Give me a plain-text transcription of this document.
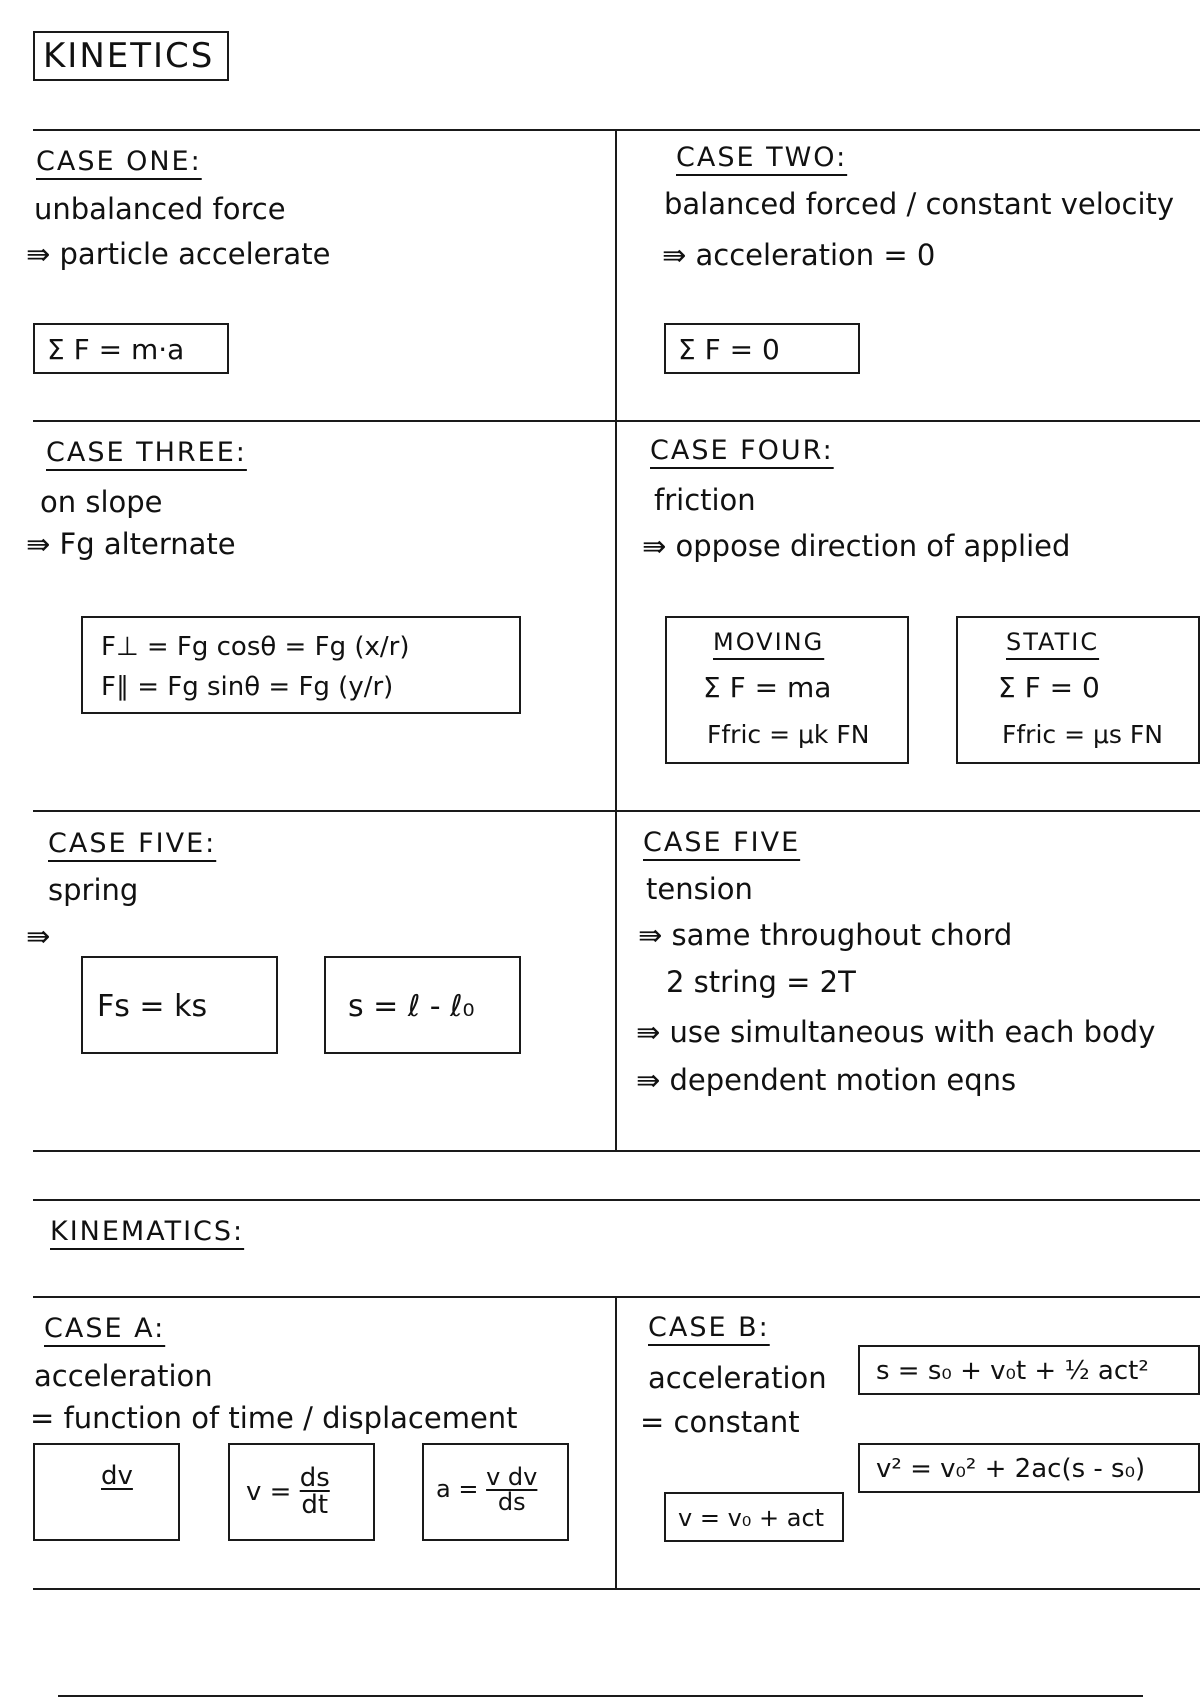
KINETICS
CASE ONE:
unbalanced force
⇛ particle accelerate
Σ F = m·a
CASE TWO:
balanced forced / constant velocity
⇛ acceleration = 0
Σ F = 0
CASE THREE:
on slope
⇛ Fg alternate
F⊥ = Fg cosθ = Fg (x/r)
F∥ = Fg sinθ = Fg (y/r)
CASE FOUR:
friction
⇛ oppose direction of applied
MOVING
Σ F = ma
Ffric = μk FN
STATIC
Σ F = 0
Ffric = μs FN
CASE FIVE:
spring
⇛
Fs = ks	s = ℓ - ℓ₀
CASE FIVE
tension
⇛ same throughout chord
2 string = 2T
⇛ use simultaneous with each body
⇛ dependent motion eqns
KINEMATICS:
CASE A:
acceleration
= function of time / displacement
dv
$v = \frac{ds}{dt}$	$a = \frac{\text{v dv}}{ds}$
CASE B:
acceleration
= constant
s = s₀ + v₀t + ½ act²
v² = v₀² + 2ac(s - s₀)
v = v₀ + act
